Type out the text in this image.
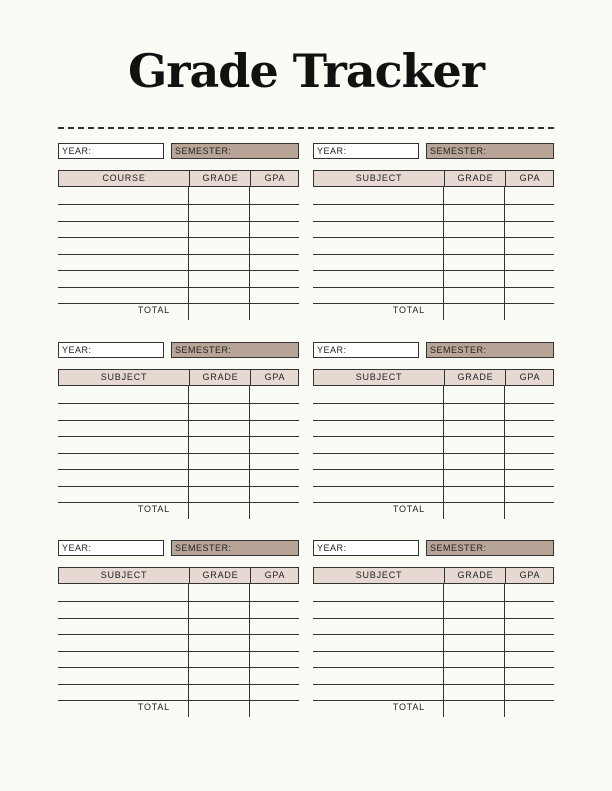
Grade Tracker
YEAR:	SEMESTER:
COURSE	GRADE	GPA
TOTAL
YEAR:	SEMESTER:
SUBJECT	GRADE	GPA
TOTAL
YEAR:	SEMESTER:
SUBJECT	GRADE	GPA
TOTAL
YEAR:	SEMESTER:
SUBJECT	GRADE	GPA
TOTAL
YEAR:	SEMESTER:
SUBJECT	GRADE	GPA
TOTAL
YEAR:	SEMESTER:
SUBJECT	GRADE	GPA
TOTAL
